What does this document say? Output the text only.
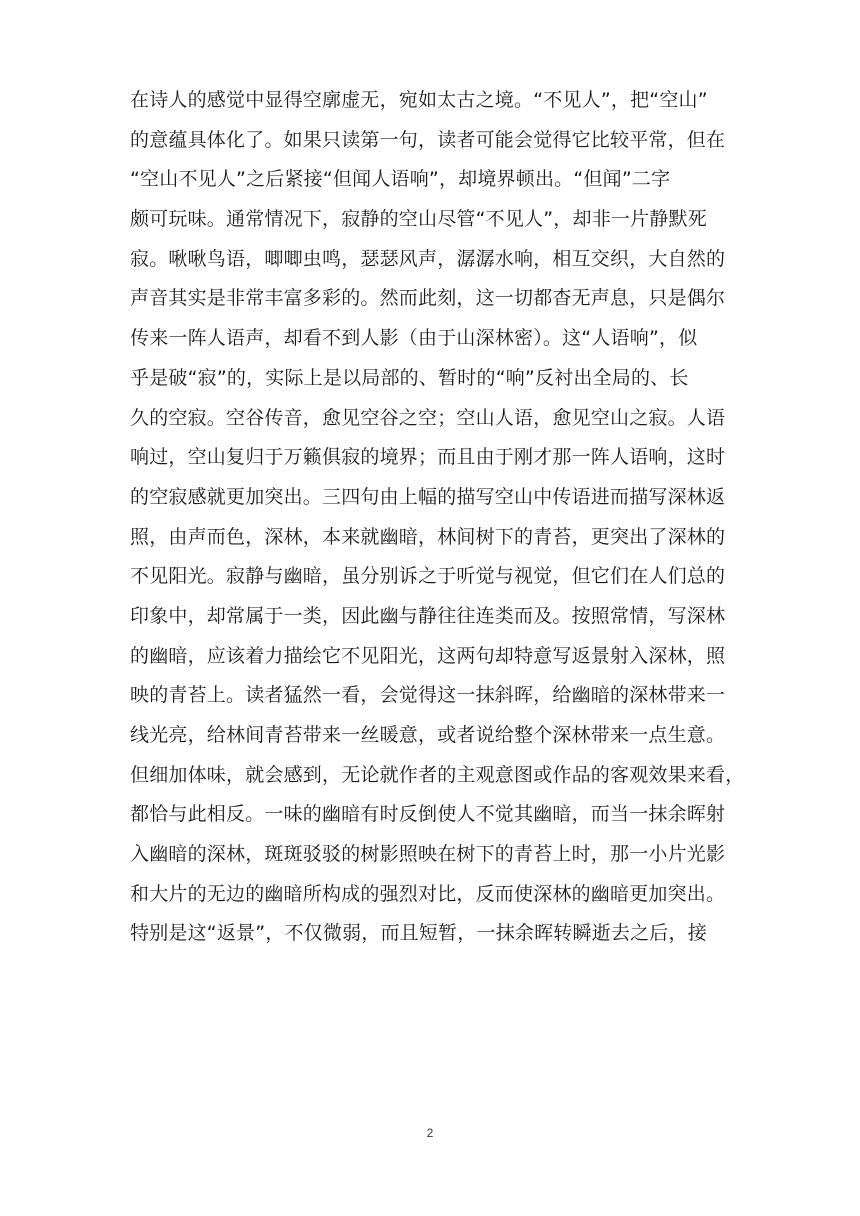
在诗人的感觉中显得空廓虚无，宛如太古之境。“不见人”，把“空山”
的意蕴具体化了。如果只读第一句，读者可能会觉得它比较平常，但在
“空山不见人”之后紧接“但闻人语响”，却境界顿出。“但闻”二字
颇可玩味。通常情况下，寂静的空山尽管“不见人”，却非一片静默死
寂。啾啾鸟语，唧唧虫鸣，瑟瑟风声，潺潺水响，相互交织，大自然的
声音其实是非常丰富多彩的。然而此刻，这一切都杳无声息，只是偶尔
传来一阵人语声，却看不到人影（由于山深林密）。这“人语响”，似
乎是破“寂”的，实际上是以局部的、暂时的“响”反衬出全局的、长
久的空寂。空谷传音，愈见空谷之空；空山人语，愈见空山之寂。人语
响过，空山复归于万籁俱寂的境界；而且由于刚才那一阵人语响，这时
的空寂感就更加突出。三四句由上幅的描写空山中传语进而描写深林返
照，由声而色，深林，本来就幽暗，林间树下的青苔，更突出了深林的
不见阳光。寂静与幽暗，虽分别诉之于听觉与视觉，但它们在人们总的
印象中，却常属于一类，因此幽与静往往连类而及。按照常情，写深林
的幽暗，应该着力描绘它不见阳光，这两句却特意写返景射入深林，照
映的青苔上。读者猛然一看，会觉得这一抹斜晖，给幽暗的深林带来一
线光亮，给林间青苔带来一丝暖意，或者说给整个深林带来一点生意。
但细加体味，就会感到，无论就作者的主观意图或作品的客观效果来看，
都恰与此相反。一味的幽暗有时反倒使人不觉其幽暗，而当一抹余晖射
入幽暗的深林，斑斑驳驳的树影照映在树下的青苔上时，那一小片光影
和大片的无边的幽暗所构成的强烈对比，反而使深林的幽暗更加突出。
特别是这“返景”，不仅微弱，而且短暂，一抹余晖转瞬逝去之后，接
2
